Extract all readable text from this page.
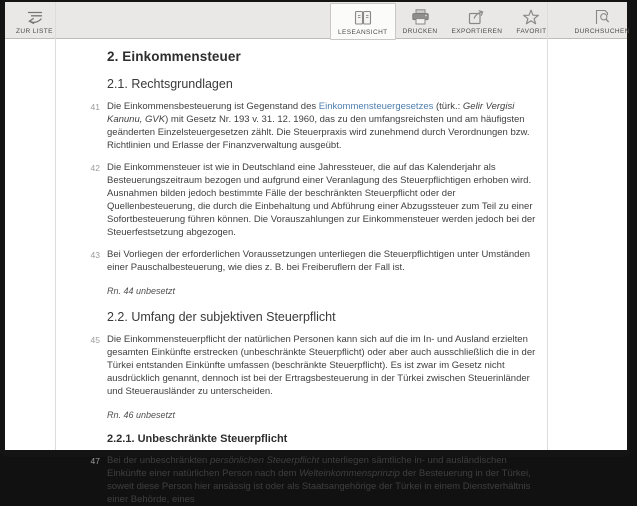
ZUR LISTE	LESEANSICHT DRUCKEN EXPORTIEREN FAVORIT	DURCHSUCHEN
2. Einkommensteuer
2.1. Rechtsgrundlagen
41 Die Einkommensbesteuerung ist Gegenstand des Einkommensteuergesetzes (türk.: Gelir Vergisi Kanunu, GVK) mit Gesetz Nr. 193 v. 31. 12. 1960, das zu den umfangsreichsten und am häufigsten geänderten Einzelsteuergesetzen zählt. Die Steuerpraxis wird zunehmend durch Verordnungen bzw. Richtlinien und Erlasse der Finanzverwaltung ausgeübt.
42 Die Einkommensteuer ist wie in Deutschland eine Jahressteuer, die auf das Kalenderjahr als Besteuerungszeitraum bezogen und aufgrund einer Veranlagung des Steuerpflichtigen erhoben wird. Ausnahmen bilden jedoch bestimmte Fälle der beschränkten Steuerpflicht oder der Quellenbesteuerung, die durch die Einbehaltung und Abführung einer Abzugssteuer zum Teil zu einer Sofortbesteuerung führen können. Die Vorauszahlungen zur Einkommensteuer werden jedoch bei der Steuerfestsetzung abgezogen.
43 Bei Vorliegen der erforderlichen Voraussetzungen unterliegen die Steuerpflichtigen unter Umständen einer Pauschalbesteuerung, wie dies z. B. bei Freiberuflern der Fall ist.

Rn. 44 unbesetzt

2.2. Umfang der subjektiven Steuerpflicht
45 Die Einkommensteuerpflicht der natürlichen Personen kann sich auf die im In- und Ausland erzielten gesamten Einkünfte erstrecken (unbeschränkte Steuerpflicht) oder aber auch ausschließlich die in der Türkei entstanden Einkünfte umfassen (beschränkte Steuerpflicht). Es ist zwar im Gesetz nicht ausdrücklich genannt, dennoch ist bei der Ertragsbesteuerung in der Türkei zwischen Steuerinländer und Steuerausländer zu unterscheiden.

Rn. 46 unbesetzt

2.2.1. Unbeschränkte Steuerpflicht
47 Bei der unbeschränkten persönlichen Steuerpflicht unterliegen sämtliche in- und ausländischen Einkünfte einer natürlichen Person nach dem Welteinkommensprinzip der Besteuerung in der Türkei, soweit diese Person hier ansässig ist oder als Staatsangehörige der Türkei in einem Dienstverhältnis einer Behörde, eines
